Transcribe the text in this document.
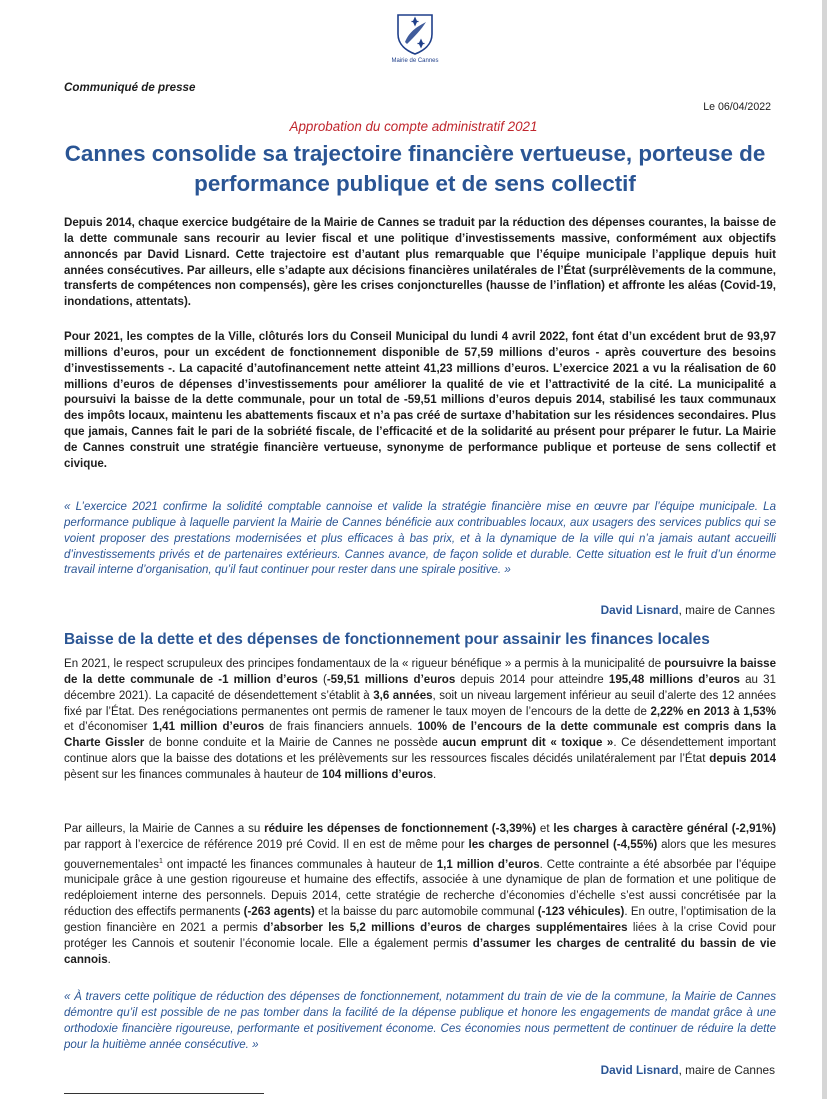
Mairie de Cannes
Communiqué de presse
Le 06/04/2022
Approbation du compte administratif 2021
Cannes consolide sa trajectoire financière vertueuse, porteuse de performance publique et de sens collectif
Depuis 2014, chaque exercice budgétaire de la Mairie de Cannes se traduit par la réduction des dépenses courantes, la baisse de la dette communale sans recourir au levier fiscal et une politique d’investissements massive, conformément aux objectifs annoncés par David Lisnard. Cette trajectoire est d’autant plus remarquable que l’équipe municipale l’applique depuis huit années consécutives. Par ailleurs, elle s’adapte aux décisions financières unilatérales de l’État (surprélèvements de la commune, transferts de compétences non compensés), gère les crises conjoncturelles (hausse de l’inflation) et affronte les aléas (Covid-19, inondations, attentats).
Pour 2021, les comptes de la Ville, clôturés lors du Conseil Municipal du lundi 4 avril 2022, font état d’un excédent brut de 93,97 millions d’euros, pour un excédent de fonctionnement disponible de 57,59 millions d’euros - après couverture des besoins d’investissements -. La capacité d’autofinancement nette atteint 41,23 millions d’euros. L’exercice 2021 a vu la réalisation de 60 millions d’euros de dépenses d’investissements pour améliorer la qualité de vie et l’attractivité de la cité. La municipalité a poursuivi la baisse de la dette communale, pour un total de -59,51 millions d’euros depuis 2014, stabilisé les taux communaux des impôts locaux, maintenu les abattements fiscaux et n’a pas créé de surtaxe d’habitation sur les résidences secondaires. Plus que jamais, Cannes fait le pari de la sobriété fiscale, de l’efficacité et de la solidarité au présent pour préparer le futur. La Mairie de Cannes construit une stratégie financière vertueuse, synonyme de performance publique et porteuse de sens collectif et civique.
« L’exercice 2021 confirme la solidité comptable cannoise et valide la stratégie financière mise en œuvre par l’équipe municipale. La performance publique à laquelle parvient la Mairie de Cannes bénéficie aux contribuables locaux, aux usagers des services publics qui se voient proposer des prestations modernisées et plus efficaces à bas prix, et à la dynamique de la ville qui n’a jamais autant accueilli d’investissements privés et de partenaires extérieurs. Cannes avance, de façon solide et durable. Cette situation est le fruit d’un énorme travail interne d’organisation, qu’il faut continuer pour rester dans une spirale positive. »
David Lisnard, maire de Cannes
Baisse de la dette et des dépenses de fonctionnement pour assainir les finances locales
En 2021, le respect scrupuleux des principes fondamentaux de la « rigueur bénéfique » a permis à la municipalité de poursuivre la baisse de la dette communale de -1 million d’euros (-59,51 millions d’euros depuis 2014 pour atteindre 195,48 millions d’euros au 31 décembre 2021). La capacité de désendettement s’établit à 3,6 années, soit un niveau largement inférieur au seuil d’alerte des 12 années fixé par l’État. Des renégociations permanentes ont permis de ramener le taux moyen de l’encours de la dette de 2,22% en 2013 à 1,53% et d’économiser 1,41 million d’euros de frais financiers annuels. 100% de l’encours de la dette communale est compris dans la Charte Gissler de bonne conduite et la Mairie de Cannes ne possède aucun emprunt dit « toxique ». Ce désendettement important continue alors que la baisse des dotations et les prélèvements sur les ressources fiscales décidés unilatéralement par l’État depuis 2014 pèsent sur les finances communales à hauteur de 104 millions d’euros.
Par ailleurs, la Mairie de Cannes a su réduire les dépenses de fonctionnement (-3,39%) et les charges à caractère général (-2,91%) par rapport à l’exercice de référence 2019 pré Covid. Il en est de même pour les charges de personnel (-4,55%) alors que les mesures gouvernementales$^1$ ont impacté les finances communales à hauteur de 1,1 million d’euros. Cette contrainte a été absorbée par l’équipe municipale grâce à une gestion rigoureuse et humaine des effectifs, associée à une dynamique de plan de formation et une politique de redéploiement interne des personnels. Depuis 2014, cette stratégie de recherche d’économies d’échelle s’est aussi concrétisée par la réduction des effectifs permanents (-263 agents) et la baisse du parc automobile communal (-123 véhicules). En outre, l’optimisation de la gestion financière en 2021 a permis d’absorber les 5,2 millions d’euros de charges supplémentaires liées à la crise Covid pour protéger les Cannois et soutenir l’économie locale. Elle a également permis d’assumer les charges de centralité du bassin de vie cannois.
« À travers cette politique de réduction des dépenses de fonctionnement, notamment du train de vie de la commune, la Mairie de Cannes démontre qu’il est possible de ne pas tomber dans la facilité de la dépense publique et honore les engagements de mandat grâce à une orthodoxie financière rigoureuse, performante et positivement économe. Ces économies nous permettent de continuer de réduire la dette pour la huitième année consécutive. »
David Lisnard, maire de Cannes
